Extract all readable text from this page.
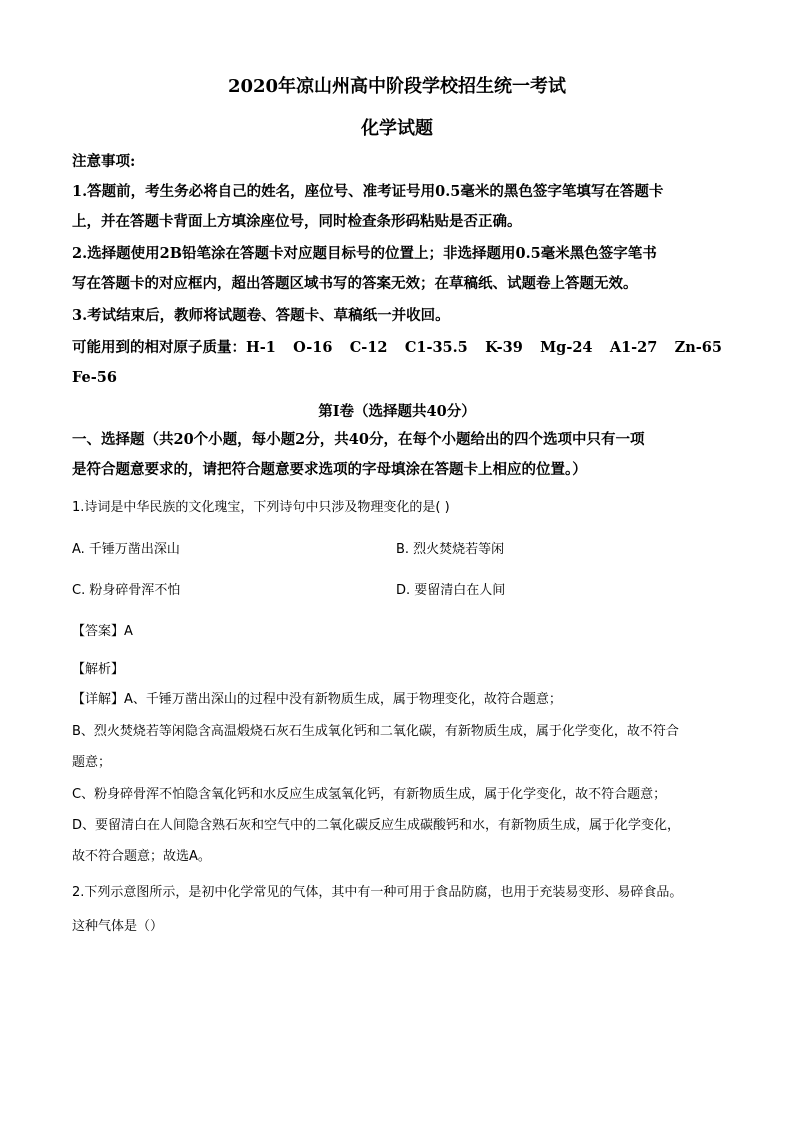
2020年凉山州高中阶段学校招生统一考试
化学试题
注意事项:
1.答题前，考生务必将自己的姓名，座位号、准考证号用0.5毫米的黑色签字笔填写在答题卡
上，并在答题卡背面上方填涂座位号，同时检查条形码粘贴是否正确。
2.选择题使用2B铅笔涂在答题卡对应题目标号的位置上；非选择题用0.5毫米黑色签字笔书
写在答题卡的对应框内，超出答题区域书写的答案无效；在草稿纸、试题卷上答题无效。
3.考试结束后，教师将试题卷、答题卡、草稿纸一并收回。
可能用到的相对原子质量：H-1 O-16 C-12 C1-35.5 K-39 Mg-24 A1-27 Zn-65
Fe-56
第Ⅰ卷（选择题共40分）
一、选择题（共20个小题，每小题2分，共40分，在每个小题给出的四个选项中只有一项
是符合题意要求的，请把符合题意要求选项的字母填涂在答题卡上相应的位置。）
1.诗词是中华民族的文化瑰宝，下列诗句中只涉及物理变化的是( )
A. 千锤万凿出深山	B. 烈火焚烧若等闲
C. 粉身碎骨浑不怕	D. 要留清白在人间
【答案】A
【解析】
【详解】A、千锤万凿出深山的过程中没有新物质生成，属于物理变化，故符合题意；
B、烈火焚烧若等闲隐含高温煅烧石灰石生成氧化钙和二氧化碳，有新物质生成，属于化学变化，故不符合
题意；
C、粉身碎骨浑不怕隐含氧化钙和水反应生成氢氧化钙，有新物质生成，属于化学变化，故不符合题意；
D、要留清白在人间隐含熟石灰和空气中的二氧化碳反应生成碳酸钙和水，有新物质生成，属于化学变化，
故不符合题意；故选A。
2.下列示意图所示，是初中化学常见的气体，其中有一种可用于食品防腐，也用于充装易变形、易碎食品。
这种气体是（）
